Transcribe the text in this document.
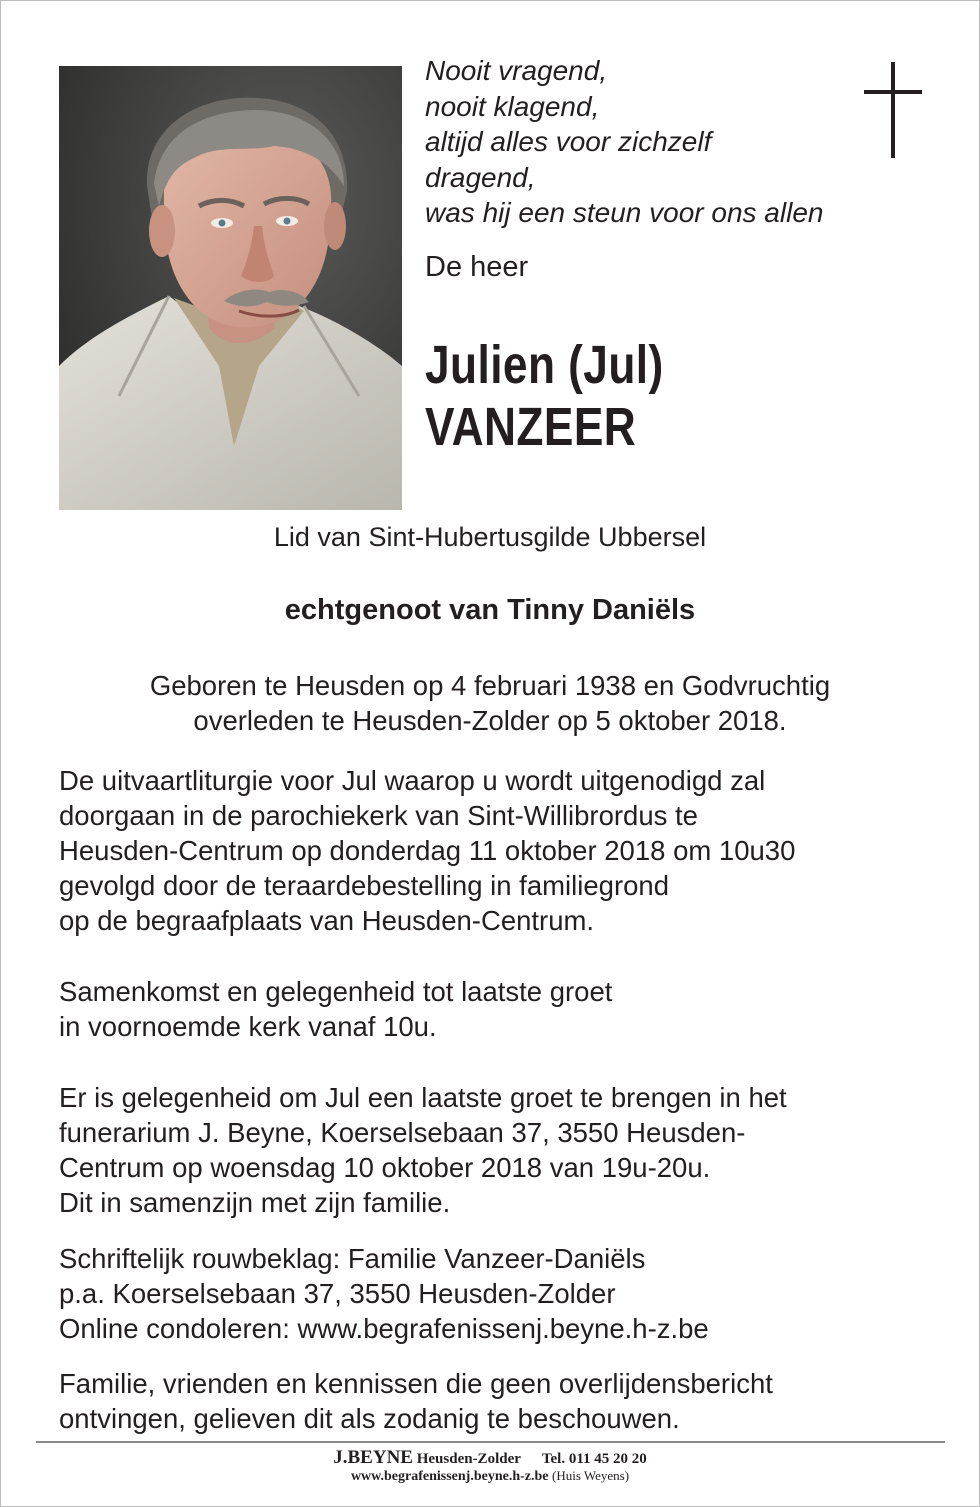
Nooit vragend,
nooit klagend,
altijd alles voor zichzelf
dragend,
was hij een steun voor ons allen
De heer
Julien (Jul)
VANZEER
Lid van Sint-Hubertusgilde Ubbersel
echtgenoot van Tinny Daniëls
Geboren te Heusden op 4 februari 1938 en Godvruchtig
overleden te Heusden-Zolder op 5 oktober 2018.
De uitvaartliturgie voor Jul waarop u wordt uitgenodigd zal
doorgaan in de parochiekerk van Sint-Willibrordus te
Heusden-Centrum op donderdag 11 oktober 2018 om 10u30
gevolgd door de teraardebestelling in familiegrond
op de begraafplaats van Heusden-Centrum.
Samenkomst en gelegenheid tot laatste groet
in voornoemde kerk vanaf 10u.
Er is gelegenheid om Jul een laatste groet te brengen in het
funerarium J. Beyne, Koerselsebaan 37, 3550 Heusden-
Centrum op woensdag 10 oktober 2018 van 19u-20u.
Dit in samenzijn met zijn familie.
Schriftelijk rouwbeklag: Familie Vanzeer-Daniëls
p.a. Koerselsebaan 37, 3550 Heusden-Zolder
Online condoleren: www.begrafenissenj.beyne.h-z.be
Familie, vrienden en kennissen die geen overlijdensbericht
ontvingen, gelieven dit als zodanig te beschouwen.
J.BEYNE Heusden-Zolder Tel. 011 45 20 20
www.begrafenissenj.beyne.h-z.be (Huis Weyens)
